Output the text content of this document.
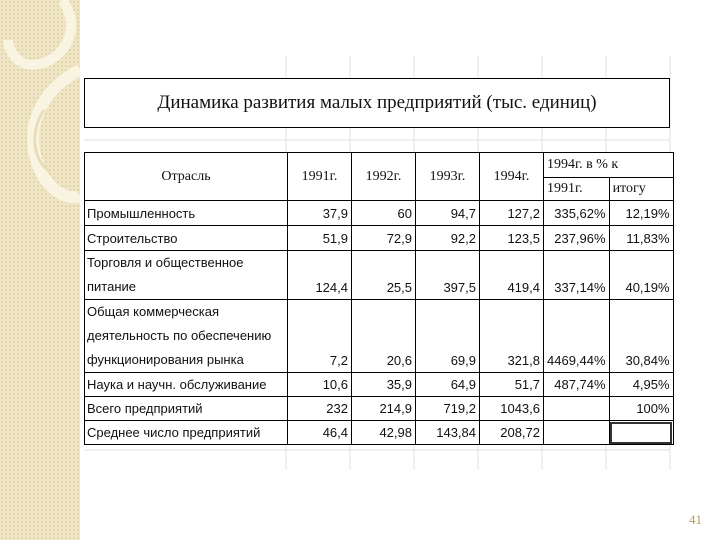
Динамика развития малых предприятий (тыс. единиц)
Отрасль	1991г.	1992г.	1993г.	1994г.	1994г. в % к	
					1991г.	итогу
Промышленность	37,9	60	94,7	127,2	335,62%	12,19%
Строительство	51,9	72,9	92,2	123,5	237,96%	11,83%
Торговля и общественное питание	124,4	25,5	397,5	419,4	337,14%	40,19%
Общая коммерческая деятельность по обеспечению функционирования рынка	7,2	20,6	69,9	321,8	4469,44%	30,84%
Наука и научн. обслуживание	10,6	35,9	64,9	51,7	487,74%	4,95%
Всего предприятий	232	214,9	719,2	1043,6		100%
Среднее число предприятий	46,4	42,98	143,84	208,72		
41
